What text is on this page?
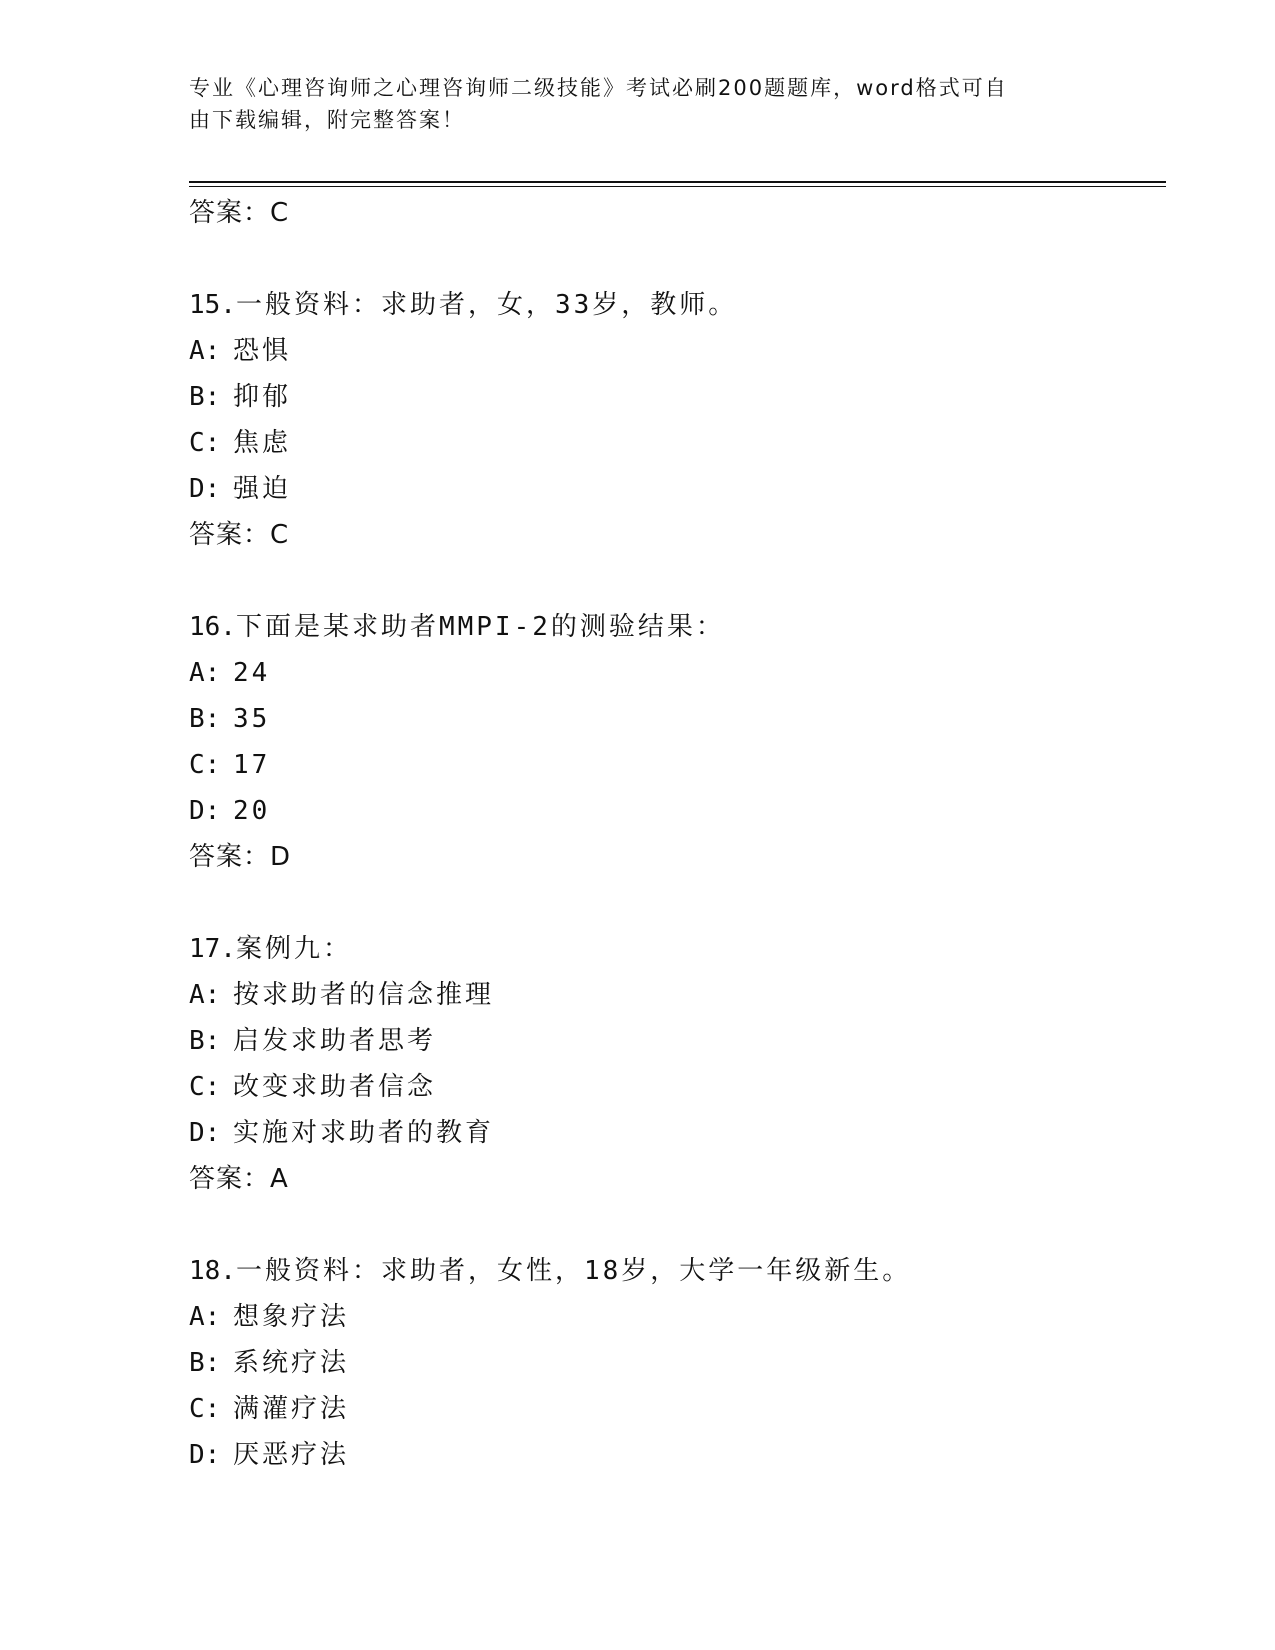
专业《心理咨询师之心理咨询师二级技能》考试必刷200题题库，word格式可自
由下载编辑，附完整答案！
答案：C
15.一般资料：求助者，女，33岁，教师。
A: 恐惧
B: 抑郁
C: 焦虑
D: 强迫
答案：C
16.下面是某求助者MMPI-2的测验结果：
A: 24
B: 35
C: 17
D: 20
答案：D
17.案例九：
A: 按求助者的信念推理
B: 启发求助者思考
C: 改变求助者信念
D: 实施对求助者的教育
答案：A
18.一般资料：求助者，女性，18岁，大学一年级新生。
A: 想象疗法
B: 系统疗法
C: 满灌疗法
D: 厌恶疗法
